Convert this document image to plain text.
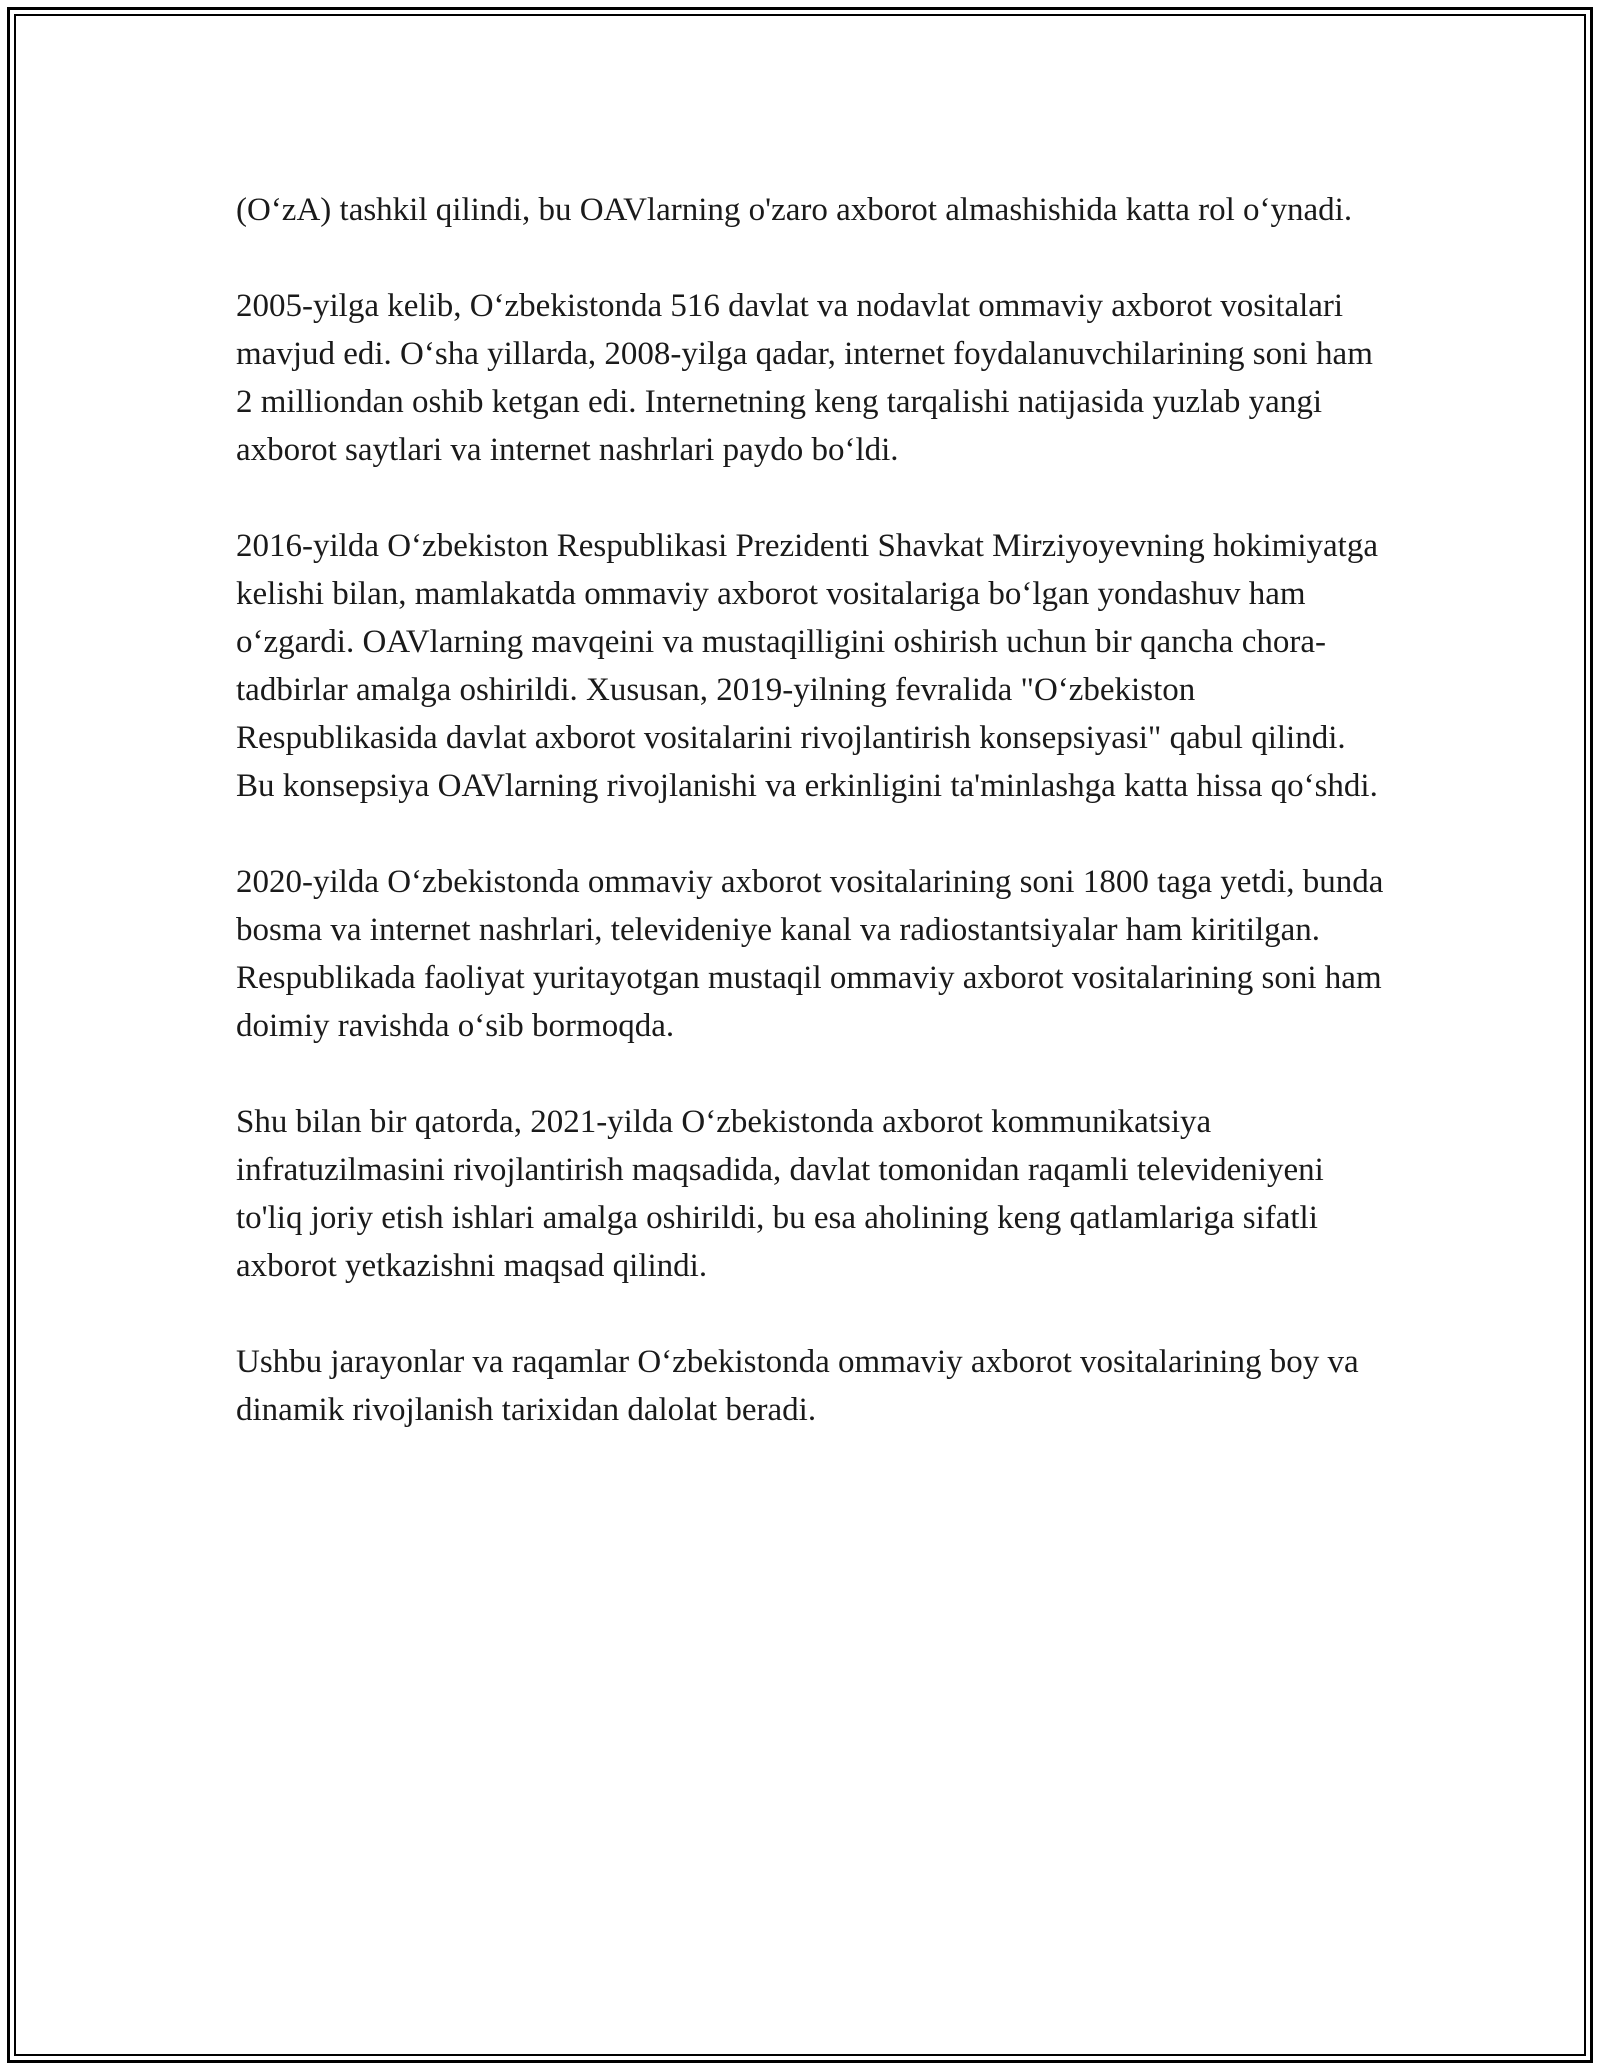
(O‘zA) tashkil qilindi, bu OAVlarning o'zaro axborot almashishida katta rol o‘ynadi.

2005-yilga kelib, O‘zbekistonda 516 davlat va nodavlat ommaviy axborot vositalari mavjud edi. O‘sha yillarda, 2008-yilga qadar, internet foydalanuvchilarining soni ham 2 milliondan oshib ketgan edi. Internetning keng tarqalishi natijasida yuzlab yangi axborot saytlari va internet nashrlari paydo bo‘ldi.

2016-yilda O‘zbekiston Respublikasi Prezidenti Shavkat Mirziyoyevning hokimiyatga kelishi bilan, mamlakatda ommaviy axborot vositalariga bo‘lgan yondashuv ham o‘zgardi. OAVlarning mavqeini va mustaqilligini oshirish uchun bir qancha chora-tadbirlar amalga oshirildi. Xususan, 2019-yilning fevralida "O‘zbekiston Respublikasida davlat axborot vositalarini rivojlantirish konsepsiyasi" qabul qilindi. Bu konsepsiya OAVlarning rivojlanishi va erkinligini ta'minlashga katta hissa qo‘shdi.

2020-yilda O‘zbekistonda ommaviy axborot vositalarining soni 1800 taga yetdi, bunda bosma va internet nashrlari, televideniye kanal va radiostantsiyalar ham kiritilgan. Respublikada faoliyat yuritayotgan mustaqil ommaviy axborot vositalarining soni ham doimiy ravishda o‘sib bormoqda.

Shu bilan bir qatorda, 2021-yilda O‘zbekistonda axborot kommunikatsiya infratuzilmasini rivojlantirish maqsadida, davlat tomonidan raqamli televideniyeni to'liq joriy etish ishlari amalga oshirildi, bu esa aholining keng qatlamlariga sifatli axborot yetkazishni maqsad qilindi.

Ushbu jarayonlar va raqamlar O‘zbekistonda ommaviy axborot vositalarining boy va dinamik rivojlanish tarixidan dalolat beradi.
